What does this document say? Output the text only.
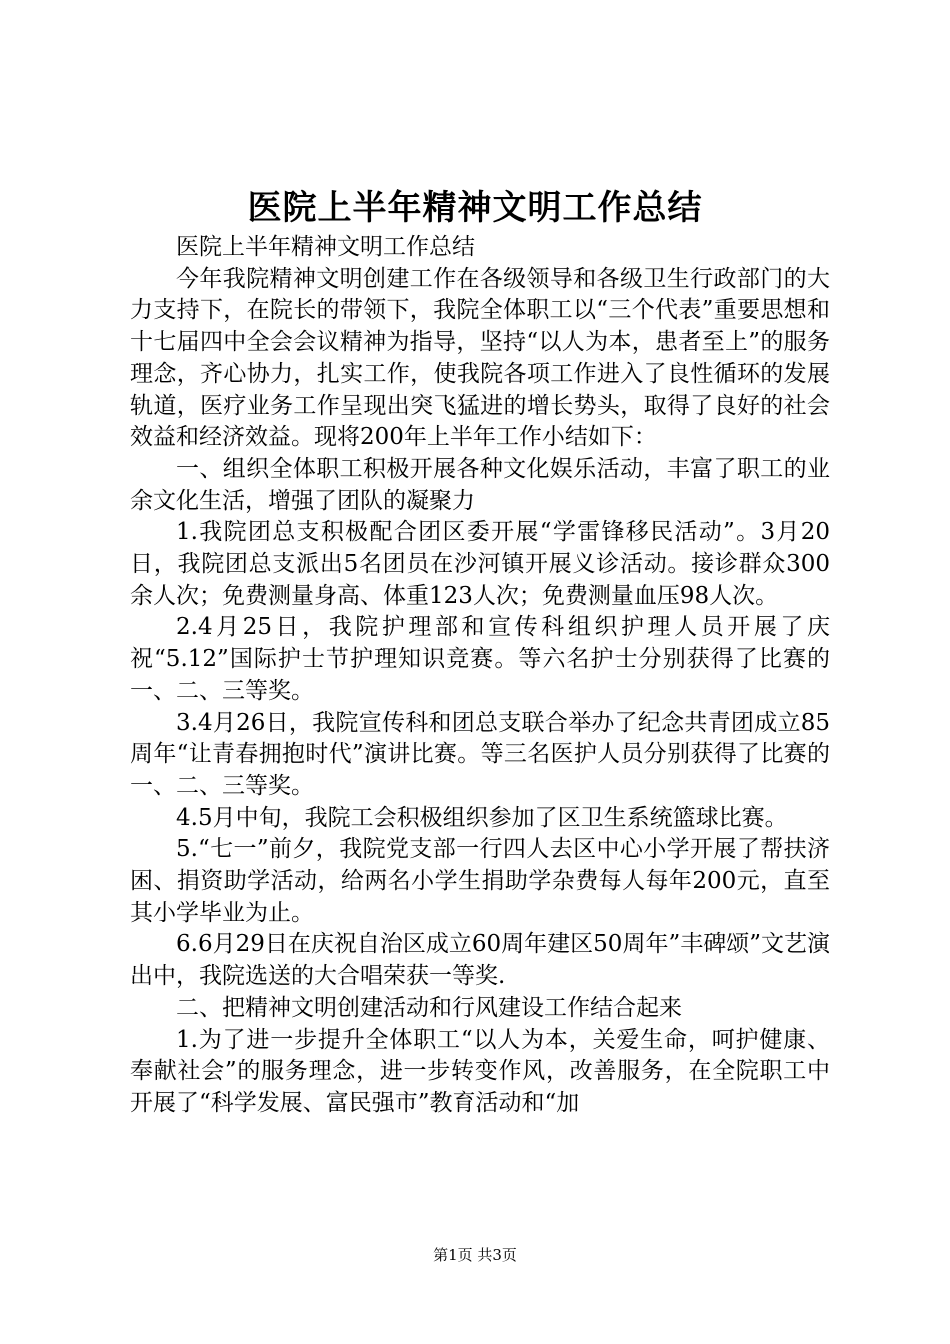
医院上半年精神文明工作总结

医院上半年精神文明工作总结

今年我院精神文明创建工作在各级领导和各级卫生行政部门的大力支持下，在院长的带领下，我院全体职工以“三个代表”重要思想和十七届四中全会会议精神为指导，坚持“以人为本，患者至上”的服务理念，齐心协力，扎实工作，使我院各项工作进入了良性循环的发展轨道，医疗业务工作呈现出突飞猛进的增长势头，取得了良好的社会效益和经济效益。现将200年上半年工作小结如下：

一、组织全体职工积极开展各种文化娱乐活动，丰富了职工的业余文化生活，增强了团队的凝聚力

1.我院团总支积极配合团区委开展“学雷锋移民活动”。3月20日，我院团总支派出5名团员在沙河镇开展义诊活动。接诊群众300余人次；免费测量身高、体重123人次；免费测量血压98人次。

2.4月25日，我院护理部和宣传科组织护理人员开展了庆祝“5.12”国际护士节护理知识竞赛。等六名护士分别获得了比赛的一、二、三等奖。

3.4月26日，我院宣传科和团总支联合举办了纪念共青团成立85周年“让青春拥抱时代”演讲比赛。等三名医护人员分别获得了比赛的一、二、三等奖。

4.5月中旬，我院工会积极组织参加了区卫生系统篮球比赛。

5.“七一”前夕，我院党支部一行四人去区中心小学开展了帮扶济困、捐资助学活动，给两名小学生捐助学杂费每人每年200元，直至其小学毕业为止。

6.6月29日在庆祝自治区成立60周年建区50周年”丰碑颂”文艺演出中，我院选送的大合唱荣获一等奖.

二、把精神文明创建活动和行风建设工作结合起来

1.为了进一步提升全体职工“以人为本，关爱生命，呵护健康、奉献社会”的服务理念，进一步转变作风，改善服务，在全院职工中开展了“科学发展、富民强市”教育活动和“加

第1页 共3页
